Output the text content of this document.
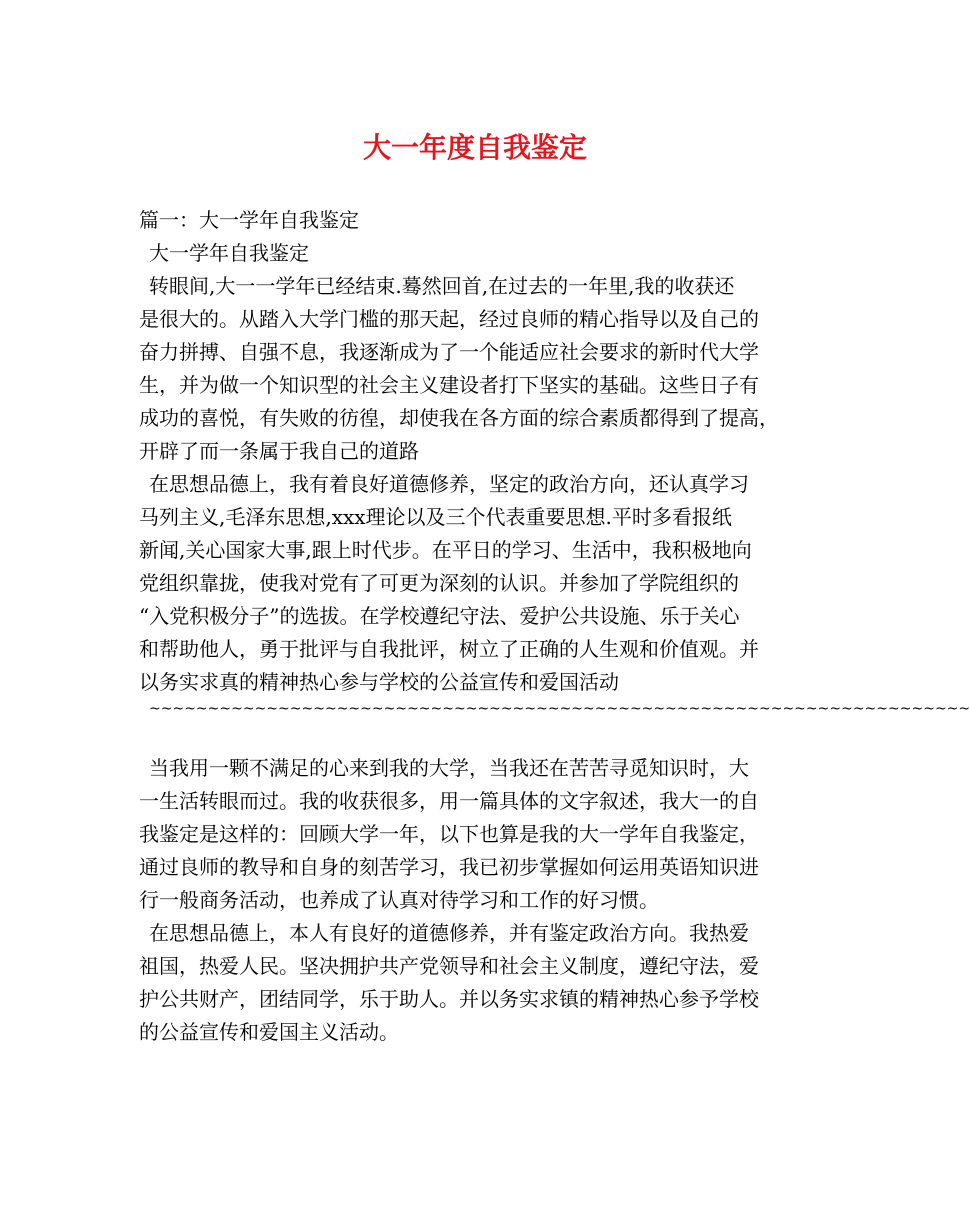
大一年度自我鉴定

篇一：大一学年自我鉴定

大一学年自我鉴定

转眼间,大一一学年已经结束.蓦然回首,在过去的一年里,我的收获还

是很大的。从踏入大学门槛的那天起，经过良师的精心指导以及自己的

奋力拼搏、自强不息，我逐渐成为了一个能适应社会要求的新时代大学

生，并为做一个知识型的社会主义建设者打下坚实的基础。这些日子有

成功的喜悦，有失败的彷徨，却使我在各方面的综合素质都得到了提高，

开辟了而一条属于我自己的道路

在思想品德上，我有着良好道德修养，坚定的政治方向，还认真学习

马列主义,毛泽东思想,xxx理论以及三个代表重要思想.平时多看报纸

新闻,关心国家大事,跟上时代步。在平日的学习、生活中，我积极地向

党组织靠拢，使我对党有了可更为深刻的认识。并参加了学院组织的

“入党积极分子”的选拔。在学校遵纪守法、爱护公共设施、乐于关心

和帮助他人，勇于批评与自我批评，树立了正确的人生观和价值观。并

以务实求真的精神热心参与学校的公益宣传和爱国活动

~~~~~~~~~~~~~~~~~~~~~~~~~~~~~~~~~~~~~~~~~~~~~~~~~~~~~~~~~~~~~~~~~~~~~~

当我用一颗不满足的心来到我的大学，当我还在苦苦寻觅知识时，大

一生活转眼而过。我的收获很多，用一篇具体的文字叙述，我大一的自

我鉴定是这样的：回顾大学一年，以下也算是我的大一学年自我鉴定，

通过良师的教导和自身的刻苦学习，我已初步掌握如何运用英语知识进

行一般商务活动，也养成了认真对待学习和工作的好习惯。

在思想品德上，本人有良好的道德修养，并有鉴定政治方向。我热爱

祖国，热爱人民。坚决拥护共产党领导和社会主义制度，遵纪守法，爱

护公共财产，团结同学，乐于助人。并以务实求镇的精神热心参予学校

的公益宣传和爱国主义活动。
